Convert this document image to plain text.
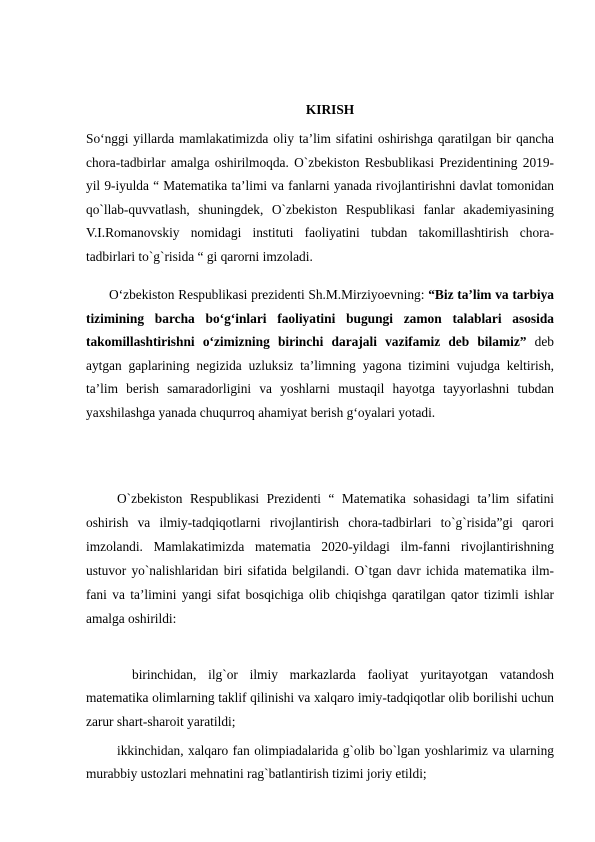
KIRISH
So‘nggi yillarda mamlakatimizda oliy ta’lim sifatini oshirishga qaratilgan bir qancha chora-tadbirlar amalga oshirilmoqda. O`zbekiston Resbublikasi Prezidentining 2019-yil 9-iyulda “ Matematika ta’limi va fanlarni yanada rivojlantirishni davlat tomonidan qo`llab-quvvatlash, shuningdek, O`zbekiston Respublikasi fanlar akademiyasining V.I.Romanovskiy nomidagi instituti faoliyatini tubdan takomillashtirish chora-tadbirlari to`g`risida “ gi qarorni imzoladi.
O‘zbekiston Respublikasi prezidenti Sh.M.Mirziyoevning: “Biz ta’lim va tarbiya tizimining barcha bo‘g‘inlari faoliyatini bugungi zamon talablari asosida takomillashtirishni o‘zimizning birinchi darajali vazifamiz deb bilamiz” deb aytgan gaplarining negizida uzluksiz ta’limning yagona tizimini vujudga keltirish, ta’lim berish samaradorligini va yoshlarni mustaqil hayotga tayyorlashni tubdan yaxshilashga yanada chuqurroq ahamiyat berish g‘oyalari yotadi.
O`zbekiston Respublikasi Prezidenti “ Matematika sohasidagi ta’lim sifatini oshirish va ilmiy-tadqiqotlarni rivojlantirish chora-tadbirlari to`g`risida”gi qarori imzolandi. Mamlakatimizda matematia 2020-yildagi ilm-fanni rivojlantirishning ustuvor yo`nalishlaridan biri sifatida belgilandi. O`tgan davr ichida matematika ilm-fani va ta’limini yangi sifat bosqichiga olib chiqishga qaratilgan qator tizimli ishlar amalga oshirildi:
birinchidan, ilg`or ilmiy markazlarda faoliyat yuritayotgan vatandosh matematika olimlarning taklif qilinishi va xalqaro imiy-tadqiqotlar olib borilishi uchun zarur shart-sharoit yaratildi;
ikkinchidan, xalqaro fan olimpiadalarida g`olib bo`lgan yoshlarimiz va ularning murabbiy ustozlari mehnatini rag`batlantirish tizimi joriy etildi;
